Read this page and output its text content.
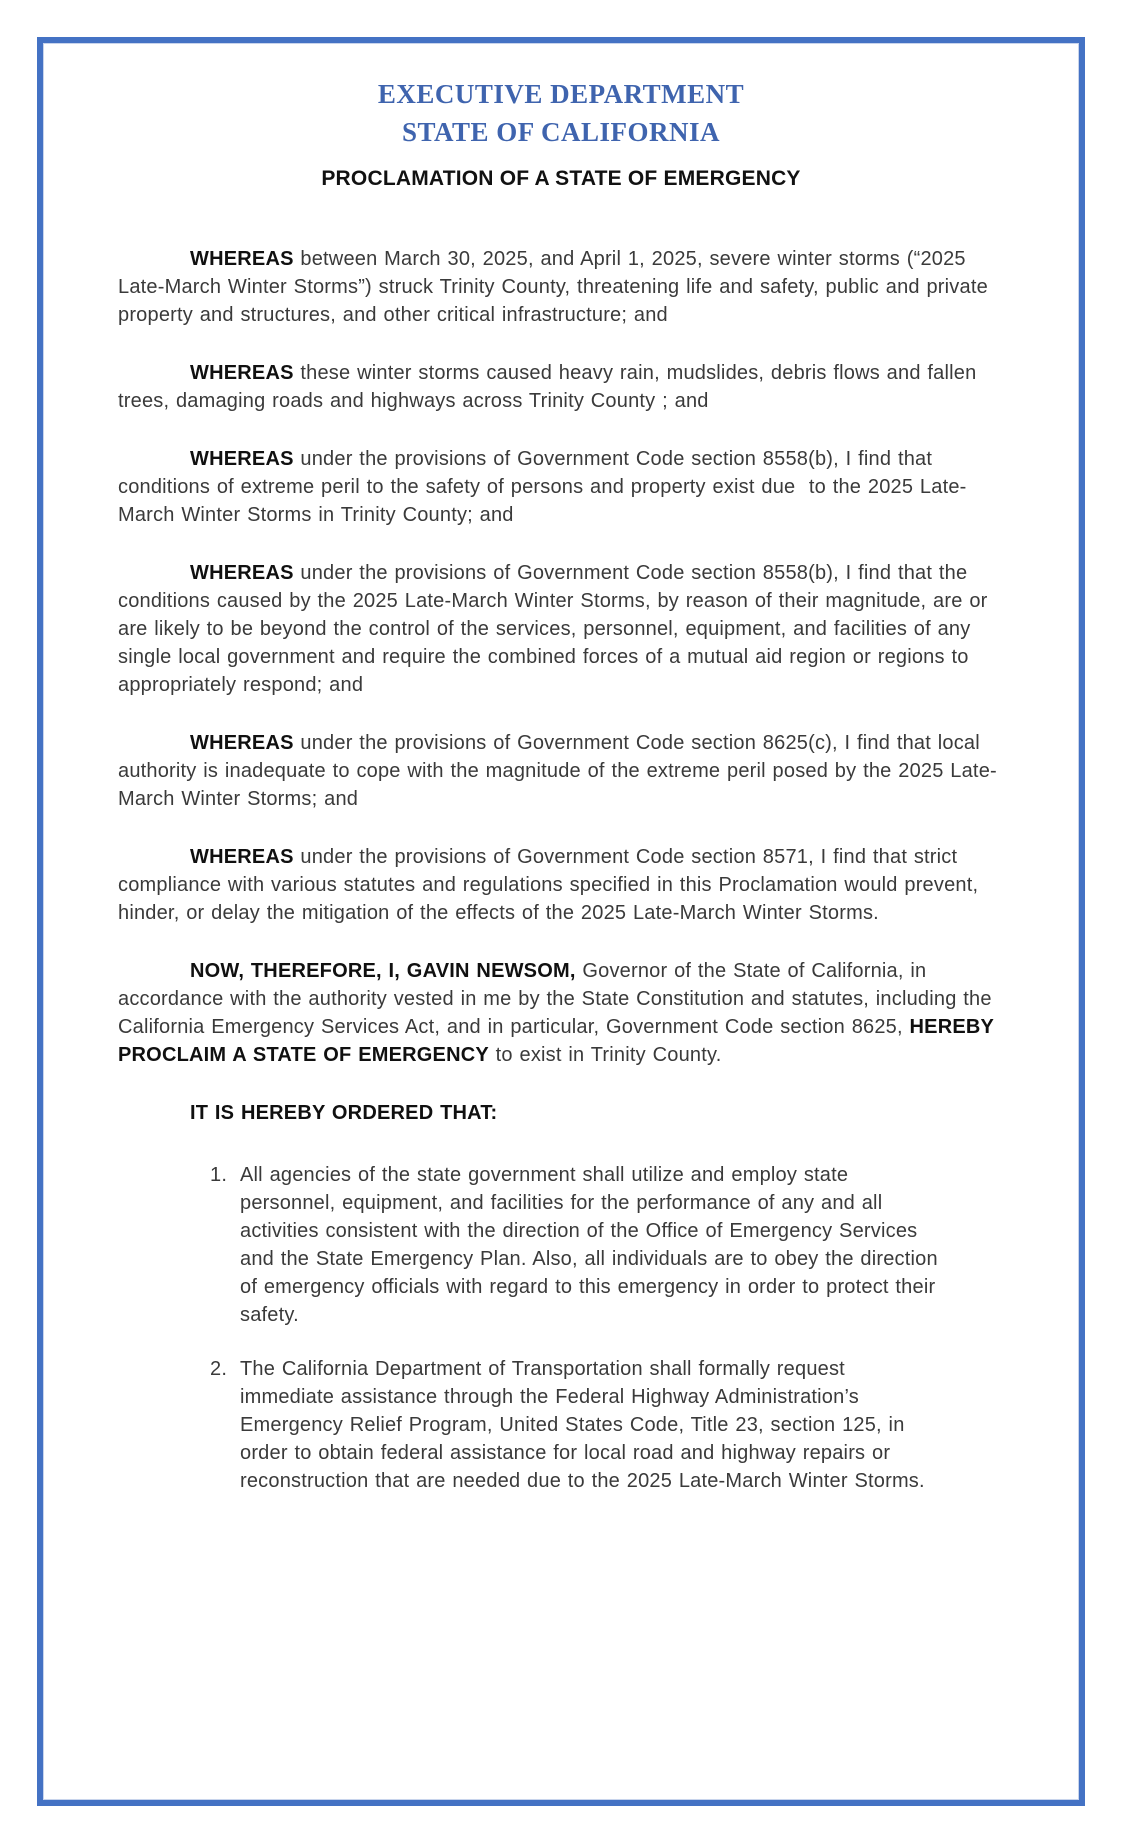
EXECUTIVE DEPARTMENT
STATE OF CALIFORNIA
PROCLAMATION OF A STATE OF EMERGENCY

WHEREAS between March 30, 2025, and April 1, 2025, severe winter storms (“2025 Late-March Winter Storms”) struck Trinity County, threatening life and safety, public and private property and structures, and other critical infrastructure; and

WHEREAS these winter storms caused heavy rain, mudslides, debris flows and fallen trees, damaging roads and highways across Trinity County ; and

WHEREAS under the provisions of Government Code section 8558(b), I find that conditions of extreme peril to the safety of persons and property exist due  to the 2025 Late-March Winter Storms in Trinity County; and

WHEREAS under the provisions of Government Code section 8558(b), I find that the conditions caused by the 2025 Late-March Winter Storms, by reason of their magnitude, are or are likely to be beyond the control of the services, personnel, equipment, and facilities of any single local government and require the combined forces of a mutual aid region or regions to appropriately respond; and

WHEREAS under the provisions of Government Code section 8625(c), I find that local authority is inadequate to cope with the magnitude of the extreme peril posed by the 2025 Late-March Winter Storms; and

WHEREAS under the provisions of Government Code section 8571, I find that strict compliance with various statutes and regulations specified in this Proclamation would prevent, hinder, or delay the mitigation of the effects of the 2025 Late-March Winter Storms.

NOW, THEREFORE, I, GAVIN NEWSOM, Governor of the State of California, in accordance with the authority vested in me by the State Constitution and statutes, including the California Emergency Services Act, and in particular, Government Code section 8625, HEREBY PROCLAIM A STATE OF EMERGENCY to exist in Trinity County.

IT IS HEREBY ORDERED THAT:

1. All agencies of the state government shall utilize and employ state personnel, equipment, and facilities for the performance of any and all activities consistent with the direction of the Office of Emergency Services and the State Emergency Plan. Also, all individuals are to obey the direction of emergency officials with regard to this emergency in order to protect their safety.
2. The California Department of Transportation shall formally request immediate assistance through the Federal Highway Administration’s Emergency Relief Program, United States Code, Title 23, section 125, in order to obtain federal assistance for local road and highway repairs or reconstruction that are needed due to the 2025 Late-March Winter Storms.
